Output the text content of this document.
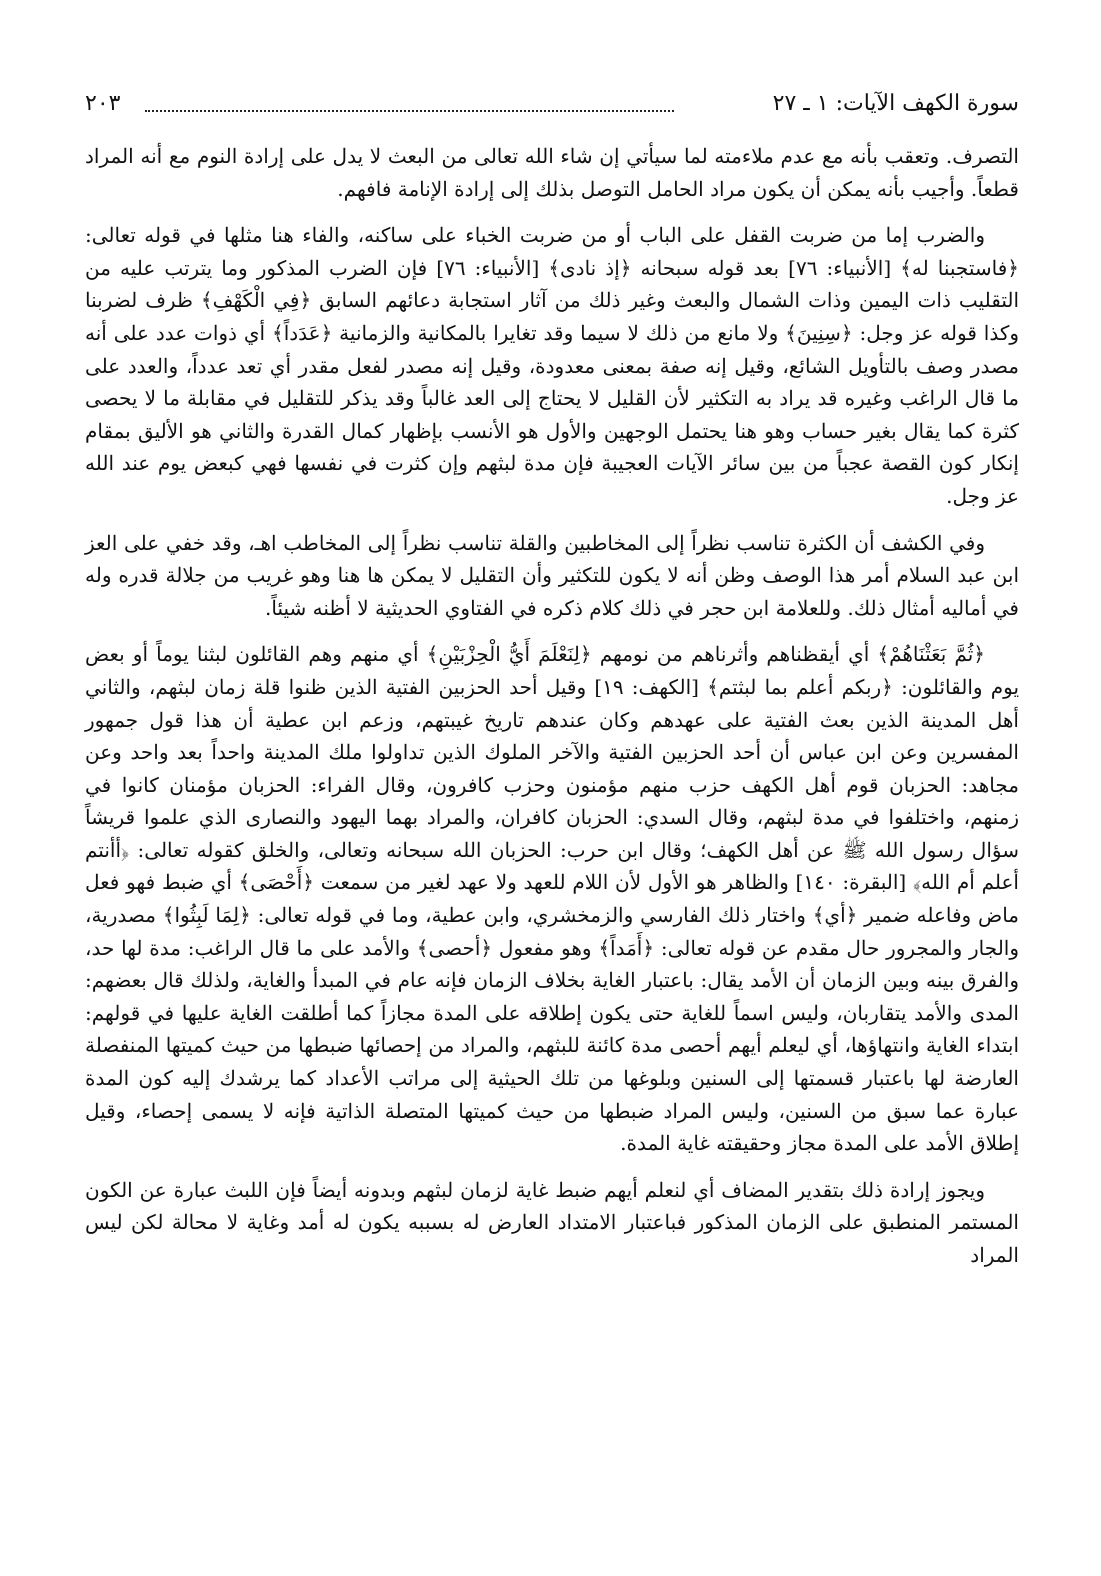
سورة الكهف الآيات: ١ ـ ٢٧
٢٠٣

التصرف. وتعقب بأنه مع عدم ملاءمته لما سيأتي إن شاء الله تعالى من البعث لا يدل على إرادة النوم مع أنه المراد قطعاً. وأجيب بأنه يمكن أن يكون مراد الحامل التوصل بذلك إلى إرادة الإنامة فافهم.

والضرب إما من ضربت القفل على الباب أو من ضربت الخباء على ساكنه، والفاء هنا مثلها في قوله تعالى: ﴿فاستجبنا له﴾ [الأنبياء: ٧٦] بعد قوله سبحانه ﴿إذ نادى﴾ [الأنبياء: ٧٦] فإن الضرب المذكور وما يترتب عليه من التقليب ذات اليمين وذات الشمال والبعث وغير ذلك من آثار استجابة دعائهم السابق ﴿فِي الْكَهْفِ﴾ ظرف لضربنا وكذا قوله عز وجل: ﴿سِنِينَ﴾ ولا مانع من ذلك لا سيما وقد تغايرا بالمكانية والزمانية ﴿عَدَداً﴾ أي ذوات عدد على أنه مصدر وصف بالتأويل الشائع، وقيل إنه صفة بمعنى معدودة، وقيل إنه مصدر لفعل مقدر أي تعد عدداً، والعدد على ما قال الراغب وغيره قد يراد به التكثير لأن القليل لا يحتاج إلى العد غالباً وقد يذكر للتقليل في مقابلة ما لا يحصى كثرة كما يقال بغير حساب وهو هنا يحتمل الوجهين والأول هو الأنسب بإظهار كمال القدرة والثاني هو الأليق بمقام إنكار كون القصة عجباً من بين سائر الآيات العجيبة فإن مدة لبثهم وإن كثرت في نفسها فهي كبعض يوم عند الله عز وجل.

وفي الكشف أن الكثرة تناسب نظراً إلى المخاطبين والقلة تناسب نظراً إلى المخاطب اهـ، وقد خفي على العز ابن عبد السلام أمر هذا الوصف وظن أنه لا يكون للتكثير وأن التقليل لا يمكن ها هنا وهو غريب من جلالة قدره وله في أماليه أمثال ذلك. وللعلامة ابن حجر في ذلك كلام ذكره في الفتاوي الحديثية لا أظنه شيئاً.

﴿ثُمَّ بَعَثْنَاهُمْ﴾ أي أيقظناهم وأثرناهم من نومهم ﴿لِنَعْلَمَ أَيُّ الْحِزْبَيْنِ﴾ أي منهم وهم القائلون لبثنا يوماً أو بعض يوم والقائلون: ﴿ربكم أعلم بما لبثتم﴾ [الكهف: ١٩] وقيل أحد الحزبين الفتية الذين ظنوا قلة زمان لبثهم، والثاني أهل المدينة الذين بعث الفتية على عهدهم وكان عندهم تاريخ غيبتهم، وزعم ابن عطية أن هذا قول جمهور المفسرين وعن ابن عباس أن أحد الحزبين الفتية والآخر الملوك الذين تداولوا ملك المدينة واحداً بعد واحد وعن مجاهد: الحزبان قوم أهل الكهف حزب منهم مؤمنون وحزب كافرون، وقال الفراء: الحزبان مؤمنان كانوا في زمنهم، واختلفوا في مدة لبثهم، وقال السدي: الحزبان كافران، والمراد بهما اليهود والنصارى الذي علموا قريشاً سؤال رسول الله ﷺ عن أهل الكهف؛ وقال ابن حرب: الحزبان الله سبحانه وتعالى، والخلق كقوله تعالى: ﴿أأنتم أعلم أم الله﴾ [البقرة: ١٤٠] والظاهر هو الأول لأن اللام للعهد ولا عهد لغير من سمعت ﴿أَحْصَى﴾ أي ضبط فهو فعل ماض وفاعله ضمير ﴿أي﴾ واختار ذلك الفارسي والزمخشري، وابن عطية، وما في قوله تعالى: ﴿لِمَا لَبِثُوا﴾ مصدرية، والجار والمجرور حال مقدم عن قوله تعالى: ﴿أَمَداً﴾ وهو مفعول ﴿أحصى﴾ والأمد على ما قال الراغب: مدة لها حد، والفرق بينه وبين الزمان أن الأمد يقال: باعتبار الغاية بخلاف الزمان فإنه عام في المبدأ والغاية، ولذلك قال بعضهم: المدى والأمد يتقاربان، وليس اسماً للغاية حتى يكون إطلاقه على المدة مجازاً كما أطلقت الغاية عليها في قولهم: ابتداء الغاية وانتهاؤها، أي ليعلم أيهم أحصى مدة كائنة للبثهم، والمراد من إحصائها ضبطها من حيث كميتها المنفصلة العارضة لها باعتبار قسمتها إلى السنين وبلوغها من تلك الحيثية إلى مراتب الأعداد كما يرشدك إليه كون المدة عبارة عما سبق من السنين، وليس المراد ضبطها من حيث كميتها المتصلة الذاتية فإنه لا يسمى إحصاء، وقيل إطلاق الأمد على المدة مجاز وحقيقته غاية المدة.

ويجوز إرادة ذلك بتقدير المضاف أي لنعلم أيهم ضبط غاية لزمان لبثهم وبدونه أيضاً فإن اللبث عبارة عن الكون المستمر المنطبق على الزمان المذكور فباعتبار الامتداد العارض له بسببه يكون له أمد وغاية لا محالة لكن ليس المراد
